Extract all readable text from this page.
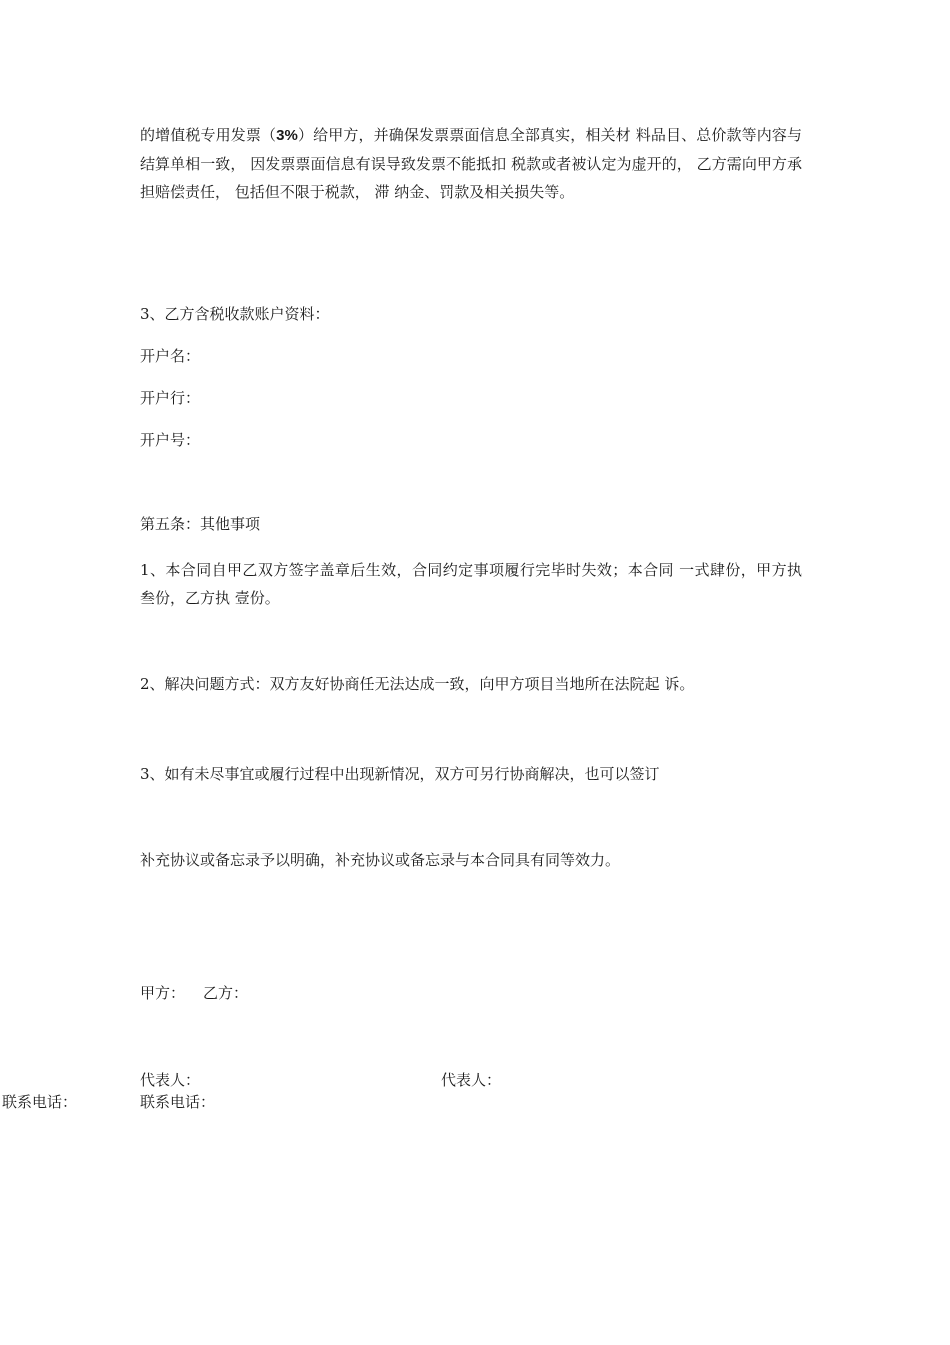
的增值税专用发票（3%）给甲方，并确保发票票面信息全部真实，相关材 料品目、总价款等内容与结算单相一致， 因发票票面信息有误导致发票不能抵扣 税款或者被认定为虚开的， 乙方需向甲方承担赔偿责任， 包括但不限于税款， 滞 纳金、罚款及相关损失等。
3、乙方含税收款账户资料：
开户名：
开户行：
开户号：
第五条：其他事项
1、本合同自甲乙双方签字盖章后生效，合同约定事项履行完毕时失效；本合同 一式肆份，甲方执 叁份，乙方执 壹份。
2、解决问题方式：双方友好协商任无法达成一致，向甲方项目当地所在法院起 诉。
3、如有未尽事宜或履行过程中出现新情况，双方可另行协商解决，也可以签订
补充协议或备忘录予以明确，补充协议或备忘录与本合同具有同等效力。
甲方： 乙方：
代表人：	代表人：
联系电话：	联系电话：
